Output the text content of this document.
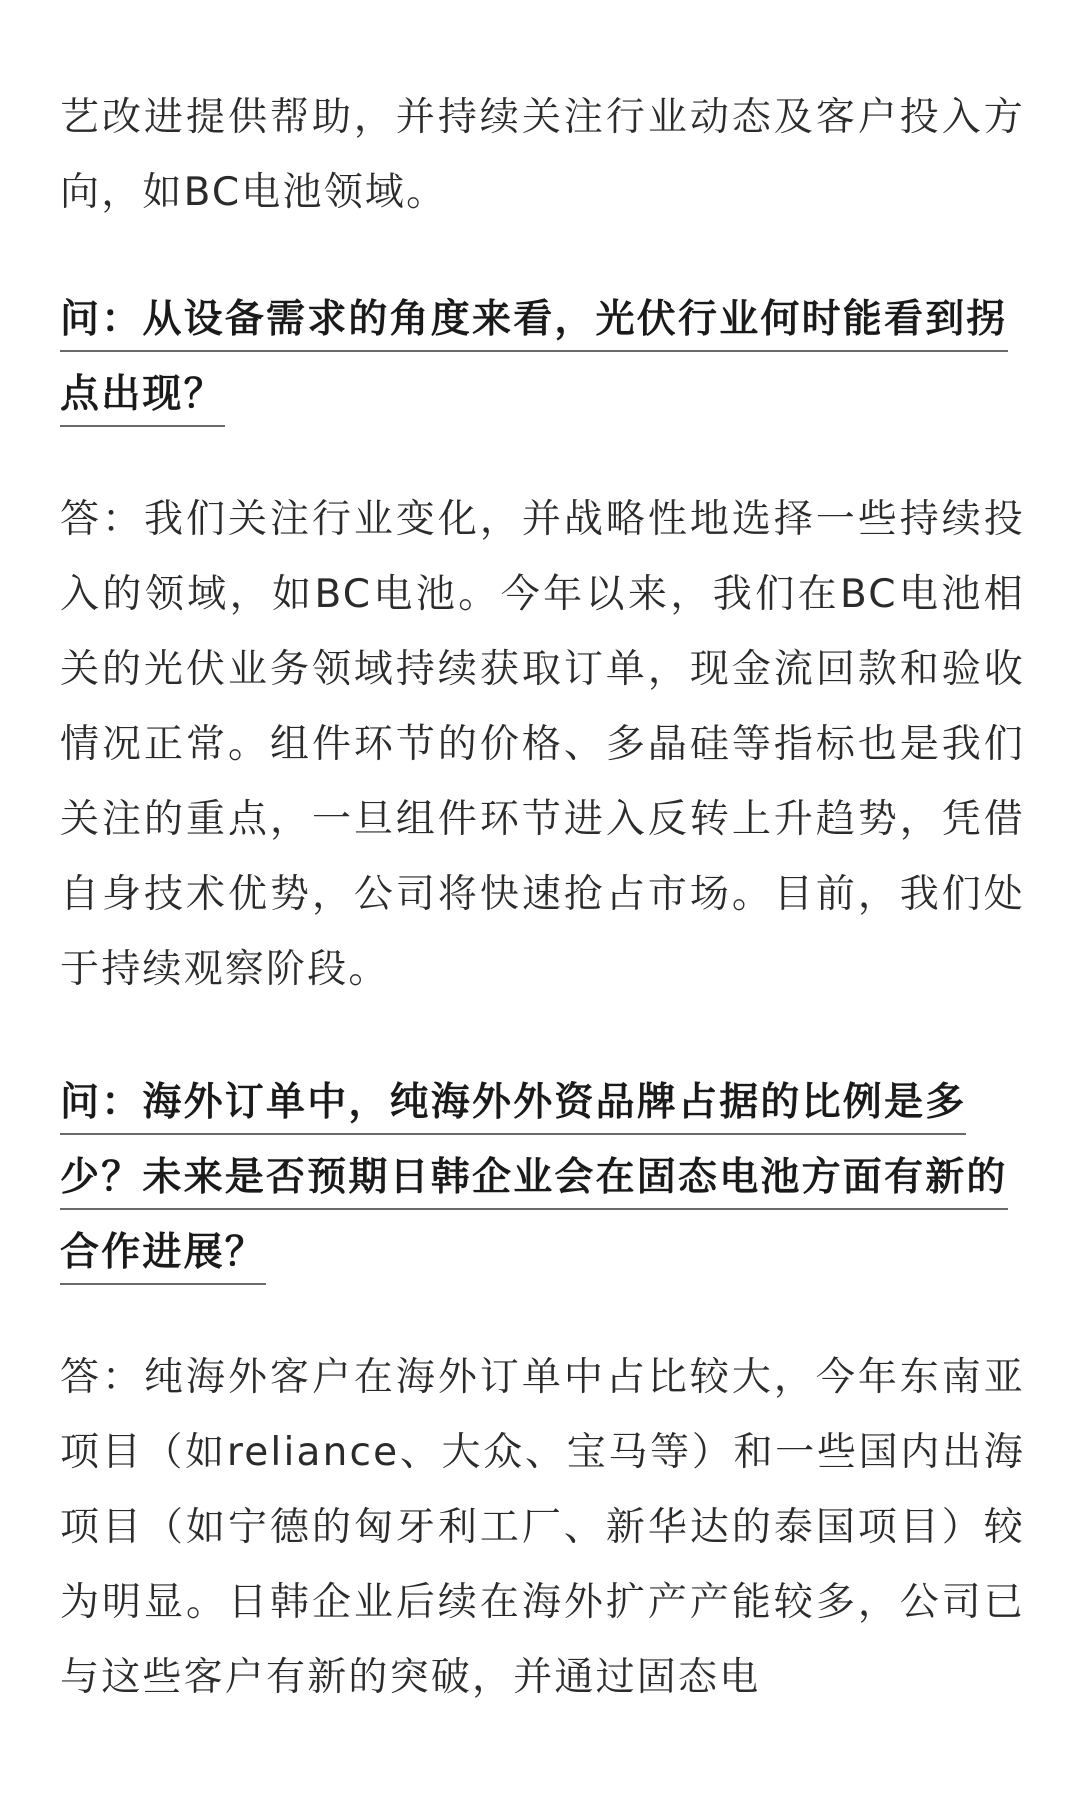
艺改进提供帮助，并持续关注行业动态及客户投入方向，如BC电池领域。

问：从设备需求的角度来看，光伏行业何时能看到拐点出现？

答：我们关注行业变化，并战略性地选择一些持续投入的领域，如BC电池。今年以来，我们在BC电池相关的光伏业务领域持续获取订单，现金流回款和验收情况正常。组件环节的价格、多晶硅等指标也是我们关注的重点，一旦组件环节进入反转上升趋势，凭借自身技术优势，公司将快速抢占市场。目前，我们处于持续观察阶段。

问：海外订单中，纯海外外资品牌占据的比例是多少？未来是否预期日韩企业会在固态电池方面有新的合作进展？

答：纯海外客户在海外订单中占比较大，今年东南亚项目（如reliance、大众、宝马等）和一些国内出海项目（如宁德的匈牙利工厂、新华达的泰国项目）较为明显。日韩企业后续在海外扩产产能较多，公司已与这些客户有新的突破，并通过固态电
